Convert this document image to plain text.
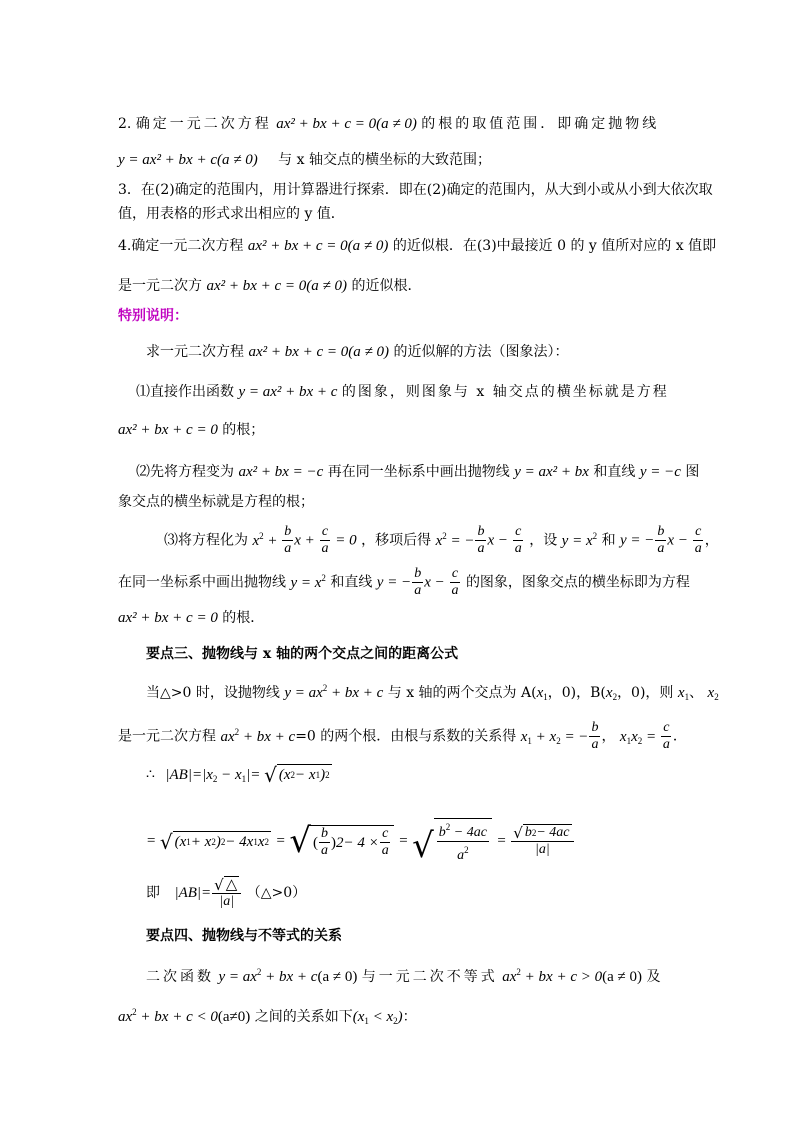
2. 确定一元二次方程 ax² + bx + c = 0(a ≠ 0) 的根的取值范围．即确定抛物线
y = ax² + bx + c(a ≠ 0) 与 x 轴交点的横坐标的大致范围；
3．在(2)确定的范围内，用计算器进行探索．即在(2)确定的范围内，从大到小或从小到大依次取
值，用表格的形式求出相应的 y 值．
4.确定一元二次方程 ax² + bx + c = 0(a ≠ 0) 的近似根．在(3)中最接近 0 的 y 值所对应的 x 值即
是一元二次方 ax² + bx + c = 0(a ≠ 0) 的近似根．
特别说明：
求一元二次方程 ax² + bx + c = 0(a ≠ 0) 的近似解的方法（图象法）：
⑴直接作出函数 y = ax² + bx + c 的图象，则图象与 x 轴交点的横坐标就是方程
ax² + bx + c = 0 的根；
⑵先将方程变为 ax² + bx = −c 再在同一坐标系中画出抛物线 y = ax² + bx 和直线 y = −c 图
象交点的横坐标就是方程的根；
⑶将方程化为 $x^2 + \frac{b}{a}$ $x + \frac{c}{a} = 0$ ，移项后得 $x^2$ = − $\frac{b}{a}$ $x - \frac{c}{a}$ ，设 $y = x^2$ 和 y = − $\frac{b}{a}$ $x - \frac{c}{a}$ ，
在同一坐标系中画出抛物线 $y = x^2$ 和直线 y = − $\frac{b}{a}$ $x - \frac{c}{a}$ 的图象，图象交点的横坐标即为方程
ax² + bx + c = 0 的根．
要点三、抛物线与 x 轴的两个交点之间的距离公式
当△>0 时，设抛物线 $y = ax^2$ + bx + c 与 x 轴的两个交点为 $A(x_1$，0)，$B(x_2$，0)，则 $x_1$、 $x_2$
是一元二次方程 $ax^2$ + bx + c=0 的两个根．由根与系数的关系得 $x_1 + x_2$ = − $\frac{b}{a}$ ， $x_1x_2 = \frac{c}{a}$ ．
∴ $|AB|=|x_2 - x_1|=$ √ (x 2 − x 1 ) 2
= √ (x 1 + x 2 ) 2 − 4x 1 x 2 = √ ( $\frac{b}{a}$ ) $2 - 4 \times \frac{c}{a}$ = √ $\frac{b^2 - 4ac}{a^2} = \frac{√ b 2 - 4ac}{|a|}$
即 $|AB|= \frac{√ \triangle}{|a|}$ （△>0）
要点四、抛物线与不等式的关系
二次函数 $y = ax^2$ + bx + c(a ≠ 0) 与一元二次不等式 $ax^2$ + bx + c > 0(a ≠ 0) 及
$ax^2$ + bx + c < 0(a≠0) 之间的关系如下$(x_1 < x_2)$：
